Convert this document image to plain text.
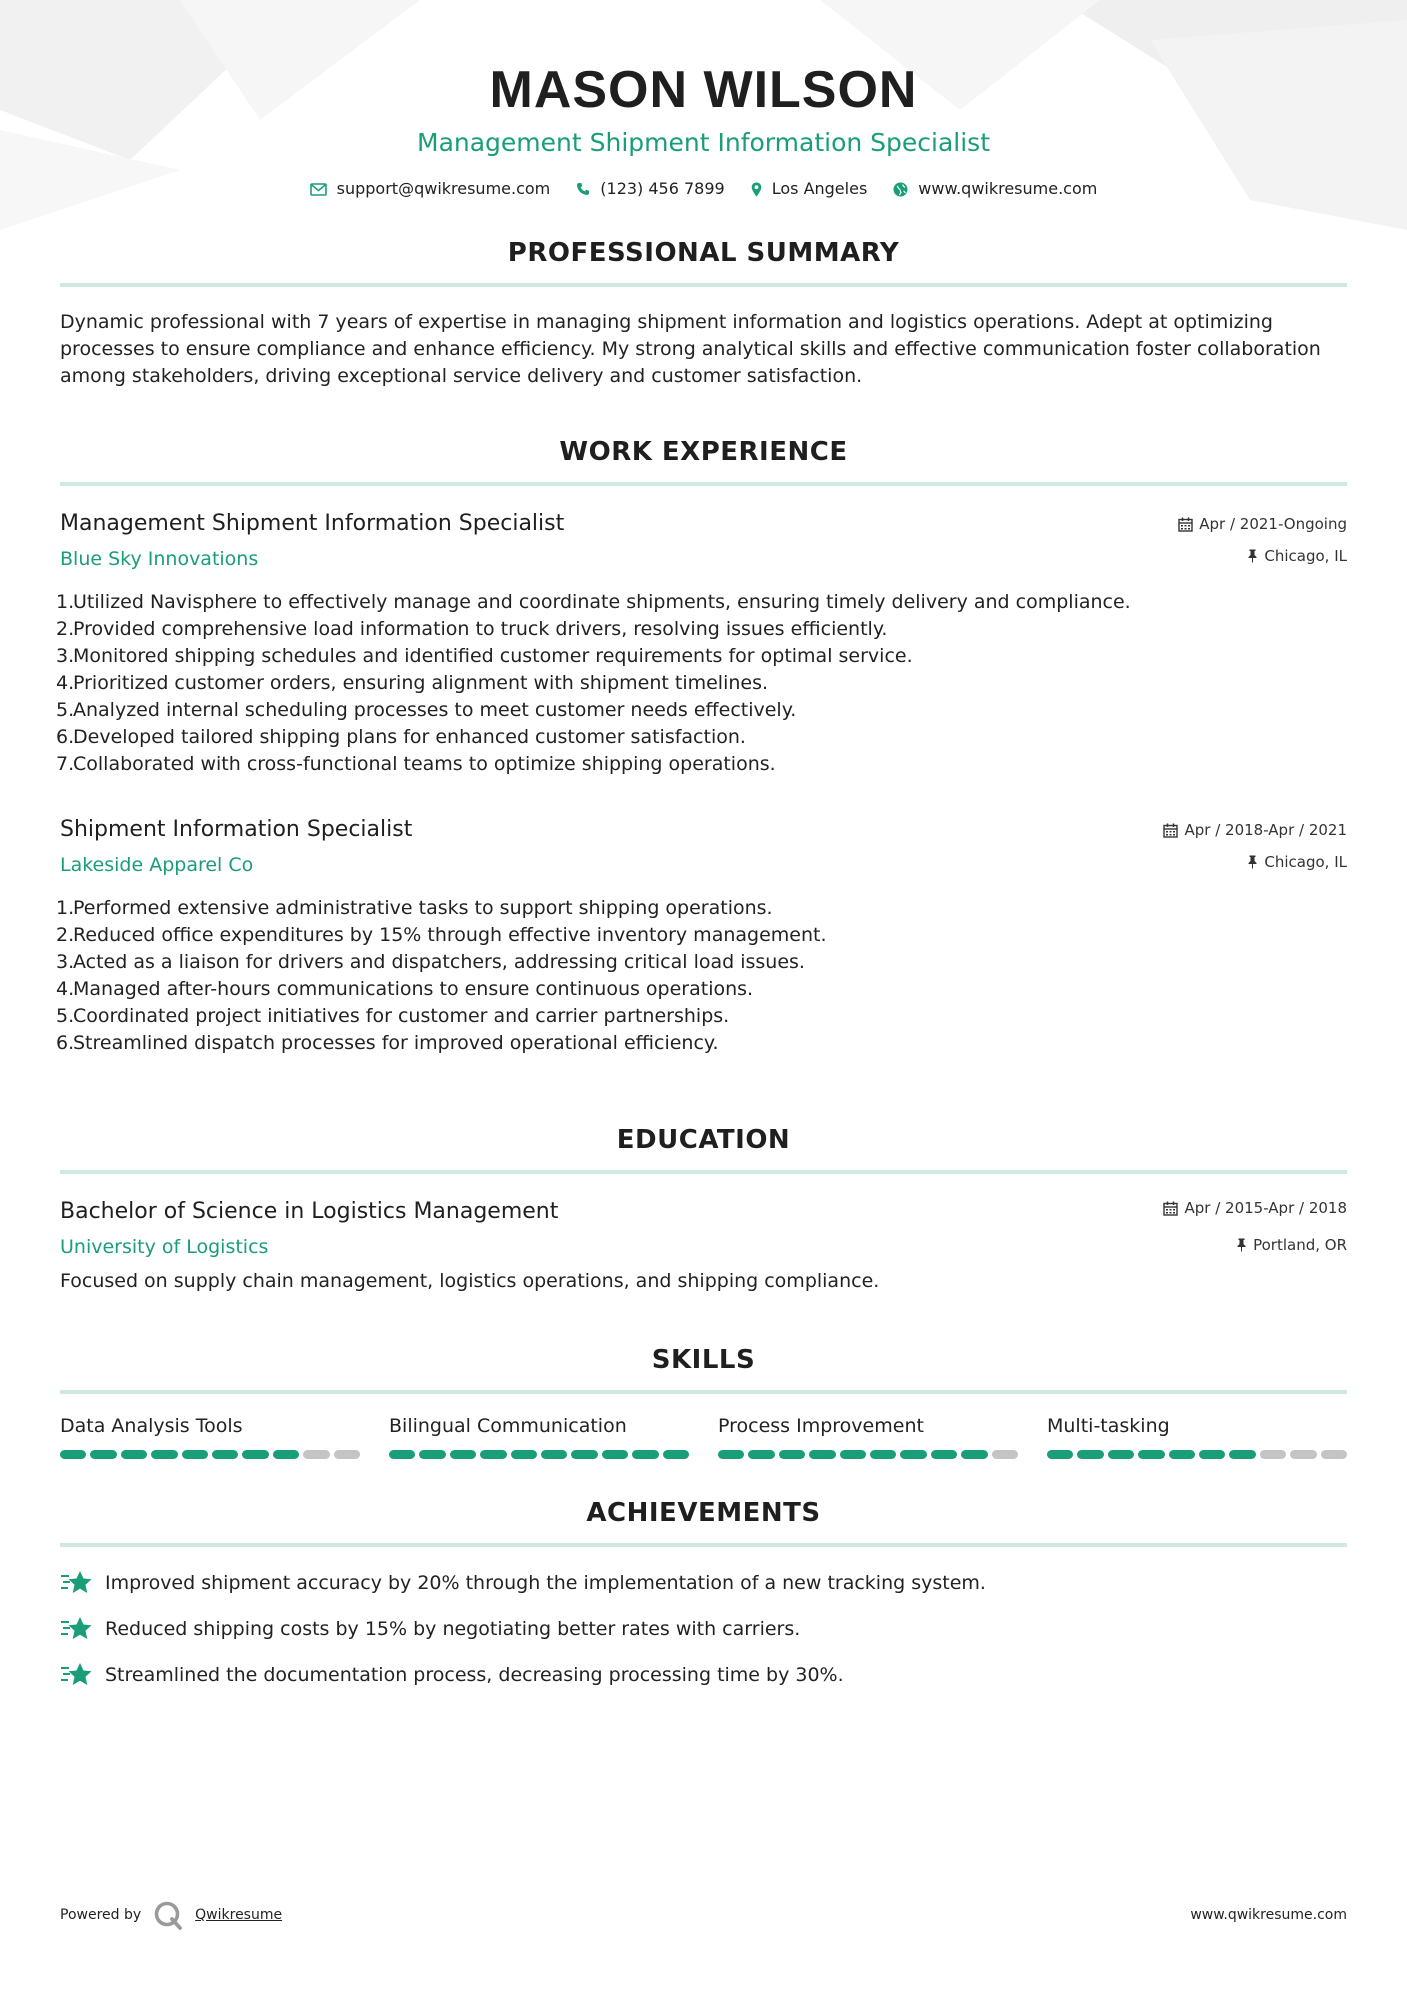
MASON WILSON
Management Shipment Information Specialist
support@qwikresume.com	(123) 456 7899	Los Angeles	www.qwikresume.com
PROFESSIONAL SUMMARY

Dynamic professional with 7 years of expertise in managing shipment information and logistics operations. Adept at optimizing processes to ensure compliance and enhance efficiency. My strong analytical skills and effective communication foster collaboration among stakeholders, driving exceptional service delivery and customer satisfaction.

WORK EXPERIENCE
Management Shipment Information Specialist
Blue Sky Innovations
Apr / 2021-Ongoing
Chicago, IL
1.
Utilized Navisphere to effectively manage and coordinate shipments, ensuring timely delivery and compliance.
2.
Provided comprehensive load information to truck drivers, resolving issues efficiently.
3.
Monitored shipping schedules and identified customer requirements for optimal service.
4.
Prioritized customer orders, ensuring alignment with shipment timelines.
5.
Analyzed internal scheduling processes to meet customer needs effectively.
6.
Developed tailored shipping plans for enhanced customer satisfaction.
7.
Collaborated with cross-functional teams to optimize shipping operations.
Shipment Information Specialist
Lakeside Apparel Co
Apr / 2018-Apr / 2021
Chicago, IL
1.
Performed extensive administrative tasks to support shipping operations.
2.
Reduced office expenditures by 15% through effective inventory management.
3.
Acted as a liaison for drivers and dispatchers, addressing critical load issues.
4.
Managed after-hours communications to ensure continuous operations.
5.
Coordinated project initiatives for customer and carrier partnerships.
6.
Streamlined dispatch processes for improved operational efficiency.
EDUCATION
Bachelor of Science in Logistics Management
University of Logistics
Apr / 2015-Apr / 2018
Portland, OR

Focused on supply chain management, logistics operations, and shipping compliance.

SKILLS
Data Analysis Tools	Bilingual Communication	Process Improvement	Multi-tasking
ACHIEVEMENTS
Improved shipment accuracy by 20% through the implementation of a new tracking system.
Reduced shipping costs by 15% by negotiating better rates with carriers.
Streamlined the documentation process, decreasing processing time by 30%.
Powered by	Qwikresume	www.qwikresume.com
